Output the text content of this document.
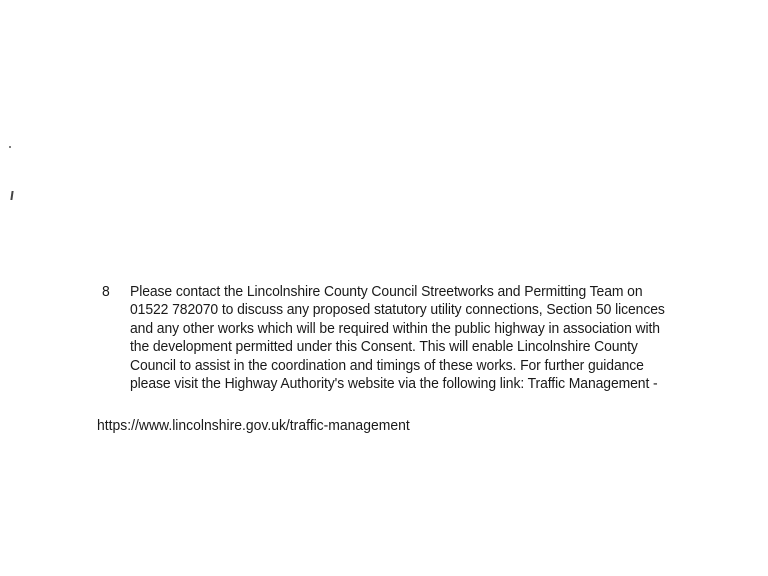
8	Please contact the Lincolnshire County Council Streetworks and Permitting Team on
01522 782070 to discuss any proposed statutory utility connections, Section 50 licences
and any other works which will be required within the public highway in association with
the development permitted under this Consent. This will enable Lincolnshire County
Council to assist in the coordination and timings of these works. For further guidance
please visit the Highway Authority's website via the following link: Traffic Management -
https://www.lincolnshire.gov.uk/traffic-management
